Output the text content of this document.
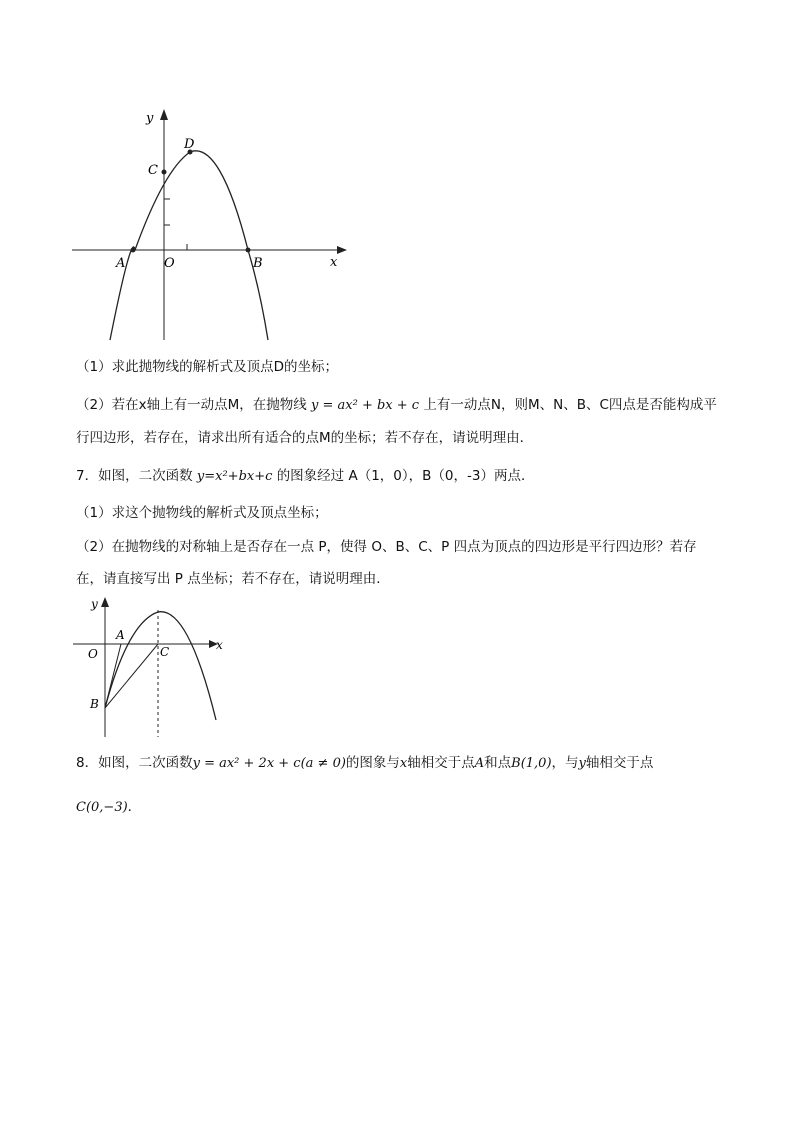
y
x
D
C
A	O	B
（1）求此抛物线的解析式及顶点D的坐标；
（2）若在x轴上有一动点M，在抛物线 y = ax² + bx + c 上有一动点N，则M、N、B、C四点是否能构成平
行四边形，若存在，请求出所有适合的点M的坐标；若不存在，请说明理由．
7．如图，二次函数 y=x²+bx+c 的图象经过 A（1，0），B（0，-3）两点．
（1）求这个抛物线的解析式及顶点坐标；
（2）在抛物线的对称轴上是否存在一点 P，使得 O、B、C、P 四点为顶点的四边形是平行四边形？若存
在，请直接写出 P 点坐标；若不存在，请说明理由．
y
x
A
O	C
B
8．如图，二次函数y = ax² + 2x + c(a ≠ 0)的图象与x轴相交于点A和点B(1,0)，与y轴相交于点
C(0,−3)．
